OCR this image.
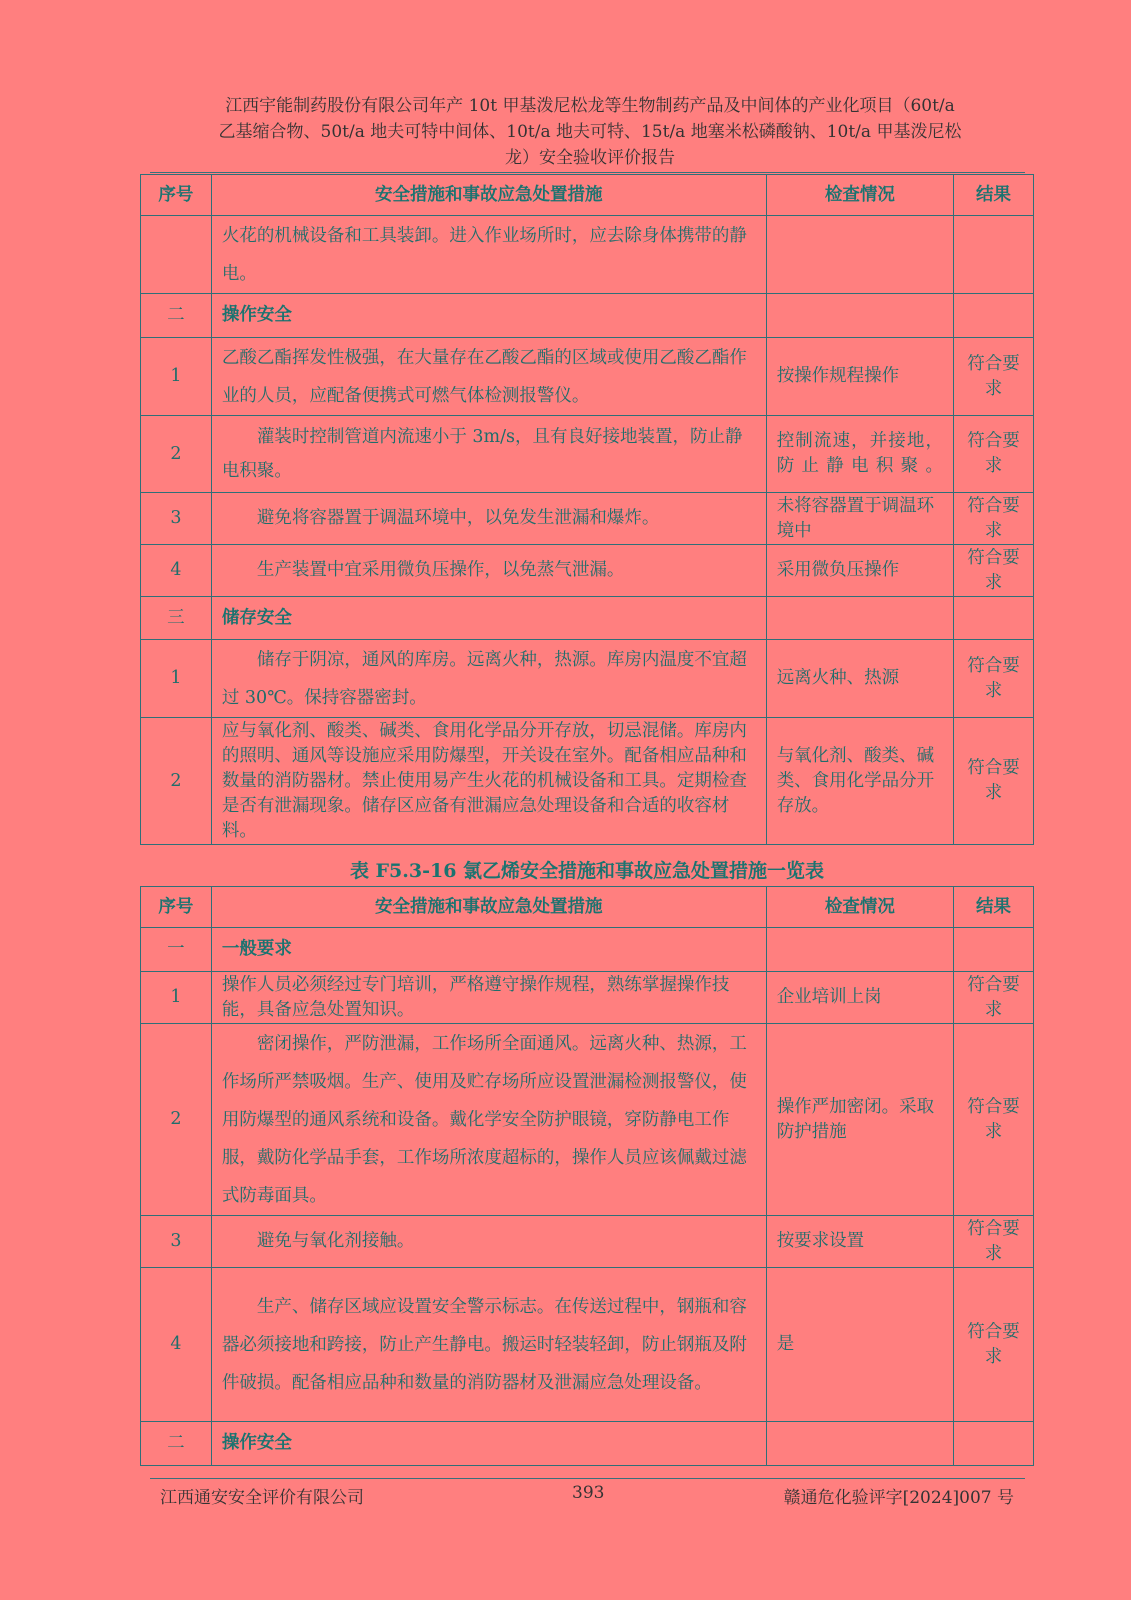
江西宇能制药股份有限公司年产 10t 甲基泼尼松龙等生物制药产品及中间体的产业化项目（60t/a
乙基缩合物、50t/a 地夫可特中间体、10t/a 地夫可特、15t/a 地塞米松磷酸钠、10t/a 甲基泼尼松
龙）安全验收评价报告
序号	安全措施和事故应急处置措施	检查情况	结果
	火花的机械设备和工具装卸。进入作业场所时，应去除身体携带的静电。		
二	操作安全		
1	乙酸乙酯挥发性极强，在大量存在乙酸乙酯的区域或使用乙酸乙酯作业的人员，应配备便携式可燃气体检测报警仪。	按操作规程操作	符合要求
2	灌装时控制管道内流速小于 3m/s，且有良好接地装置，防止静电积聚。	控制流速，并接地，防止静电积聚。	符合要求
3	避免将容器置于调温环境中，以免发生泄漏和爆炸。	未将容器置于调温环境中	符合要求
4	生产装置中宜采用微负压操作，以免蒸气泄漏。	采用微负压操作	符合要求
三	储存安全		
1	储存于阴凉，通风的库房。远离火种，热源。库房内温度不宜超过 30℃。保持容器密封。	远离火种、热源	符合要求
2	应与氧化剂、酸类、碱类、食用化学品分开存放，切忌混储。库房内的照明、通风等设施应采用防爆型，开关设在室外。配备相应品种和数量的消防器材。禁止使用易产生火花的机械设备和工具。定期检查是否有泄漏现象。储存区应备有泄漏应急处理设备和合适的收容材料。	与氧化剂、酸类、碱类、食用化学品分开存放。	符合要求
表 F5.3-16 氯乙烯安全措施和事故应急处置措施一览表
序号	安全措施和事故应急处置措施	检查情况	结果
一	一般要求		
1	操作人员必须经过专门培训，严格遵守操作规程，熟练掌握操作技能，具备应急处置知识。	企业培训上岗	符合要求
2	密闭操作，严防泄漏，工作场所全面通风。远离火种、热源，工作场所严禁吸烟。生产、使用及贮存场所应设置泄漏检测报警仪，使用防爆型的通风系统和设备。戴化学安全防护眼镜，穿防静电工作服，戴防化学品手套，工作场所浓度超标的，操作人员应该佩戴过滤式防毒面具。	操作严加密闭。采取防护措施	符合要求
3	避免与氧化剂接触。	按要求设置	符合要求
4	生产、储存区域应设置安全警示标志。在传送过程中，钢瓶和容器必须接地和跨接，防止产生静电。搬运时轻装轻卸，防止钢瓶及附件破损。配备相应品种和数量的消防器材及泄漏应急处理设备。	是	符合要求
二	操作安全		
江西通安安全评价有限公司	393	赣通危化验评字[2024]007 号
